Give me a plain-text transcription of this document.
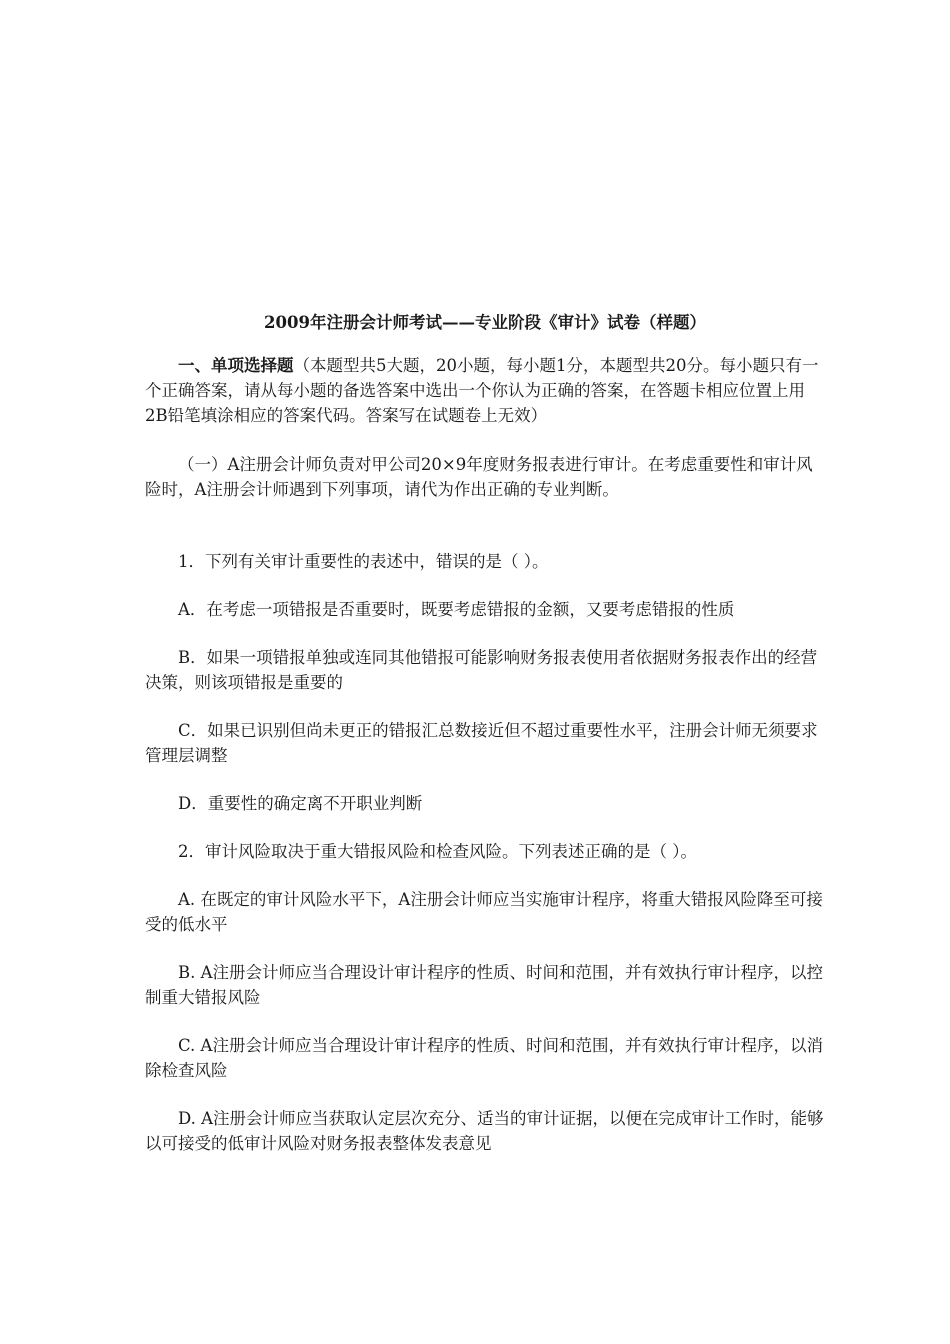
2009年注册会计师考试——专业阶段《审计》试卷（样题）

一、单项选择题（本题型共5大题，20小题，每小题1分，本题型共20分。每小题只有一个正确答案，请从每小题的备选答案中选出一个你认为正确的答案，在答题卡相应位置上用2B铅笔填涂相应的答案代码。答案写在试题卷上无效）

（一）A注册会计师负责对甲公司20×9年度财务报表进行审计。在考虑重要性和审计风险时，A注册会计师遇到下列事项，请代为作出正确的专业判断。

1．下列有关审计重要性的表述中，错误的是（ ）。

A．在考虑一项错报是否重要时，既要考虑错报的金额，又要考虑错报的性质

B．如果一项错报单独或连同其他错报可能影响财务报表使用者依据财务报表作出的经营决策，则该项错报是重要的

C．如果已识别但尚未更正的错报汇总数接近但不超过重要性水平，注册会计师无须要求管理层调整

D．重要性的确定离不开职业判断

2．审计风险取决于重大错报风险和检查风险。下列表述正确的是（ ）。

A. 在既定的审计风险水平下，A注册会计师应当实施审计程序，将重大错报风险降至可接受的低水平

B. A注册会计师应当合理设计审计程序的性质、时间和范围，并有效执行审计程序，以控制重大错报风险

C. A注册会计师应当合理设计审计程序的性质、时间和范围，并有效执行审计程序，以消除检查风险

D. A注册会计师应当获取认定层次充分、适当的审计证据，以便在完成审计工作时，能够以可接受的低审计风险对财务报表整体发表意见
